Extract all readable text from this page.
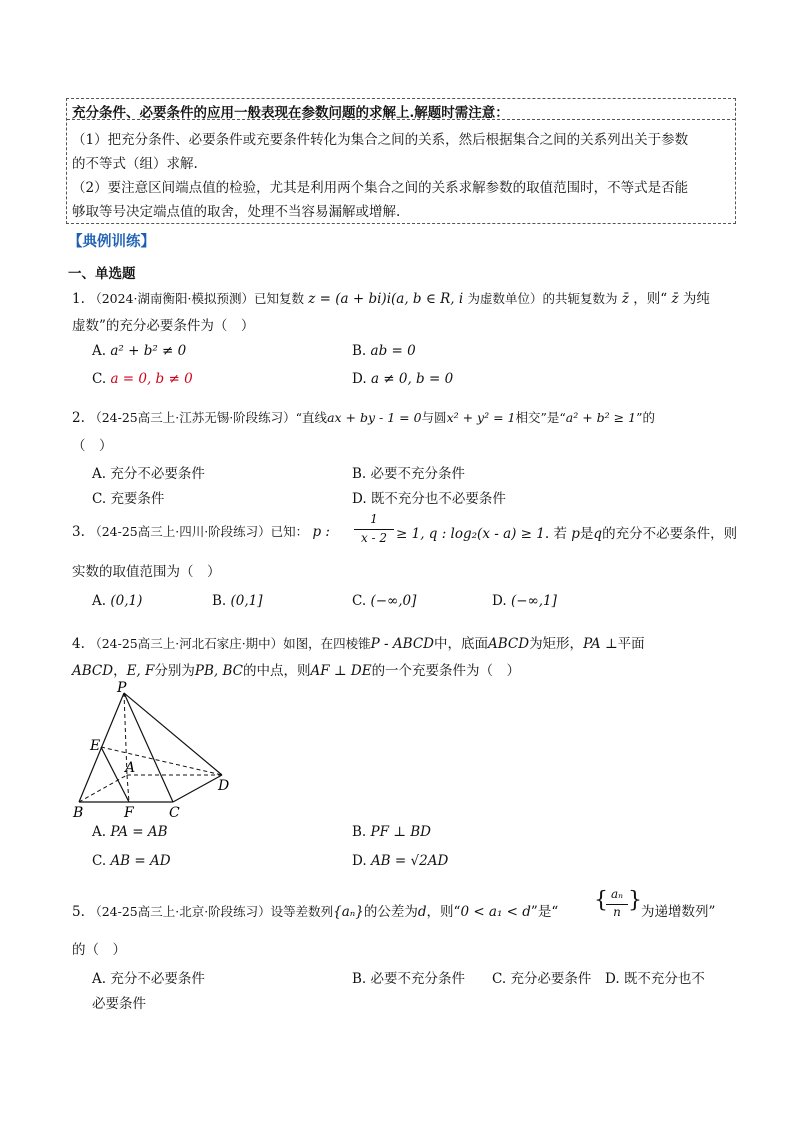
充分条件、必要条件的应用一般表现在参数问题的求解上.解题时需注意：
（1）把充分条件、必要条件或充要条件转化为集合之间的关系，然后根据集合之间的关系列出关于参数
的不等式（组）求解.
（2）要注意区间端点值的检验，尤其是利用两个集合之间的关系求解参数的取值范围时，不等式是否能
够取等号决定端点值的取舍，处理不当容易漏解或增解.
【典例训练】
一、单选题
1. （2024·湖南衡阳·模拟预测）已知复数 z = (a + bi)i(a, b ∈ R, i 为虚数单位）的共轭复数为 z̄ ，则“ z̄ 为纯
虚数”的充分必要条件为（　）
A. a² + b² ≠ 0	B. ab = 0
C. a = 0, b ≠ 0	D. a ≠ 0, b = 0
2. （24-25高三上·江苏无锡·阶段练习）“直线ax + by - 1 = 0与圆x² + y² = 1相交”是“a² + b² ≥ 1”的
（　）
A. 充分不必要条件	B. 必要不充分条件
C. 充要条件	D. 既不充分也不必要条件
3. （24-25高三上·四川·阶段练习）已知： p :
1
x - 2 ≥ 1, q : log₂(x - a) ≥ 1. 若 p是q的充分不必要条件，则
实数的取值范围为（　）
A. (0,1)	B. (0,1]	C. (−∞,0]	D. (−∞,1]
4. （24-25高三上·河北石家庄·期中）如图，在四棱锥P - ABCD中，底面ABCD为矩形，PA ⊥平面
ABCD，E, F分别为PB, BC的中点，则AF ⊥ DE的一个充要条件为（　）
P
E
A
D
B	F	C
A. PA = AB	B. PF ⊥ BD
C. AB = AD	D. AB = √2AD
5. （24-25高三上·北京·阶段练习）设等差数列{aₙ}的公差为d，则“0 < a₁ < d”是“ { aₙ
n } 为递增数列”
的（　）
A. 充分不必要条件	B. 必要不充分条件 C. 充分必要条件 D. 既不充分也不
必要条件
